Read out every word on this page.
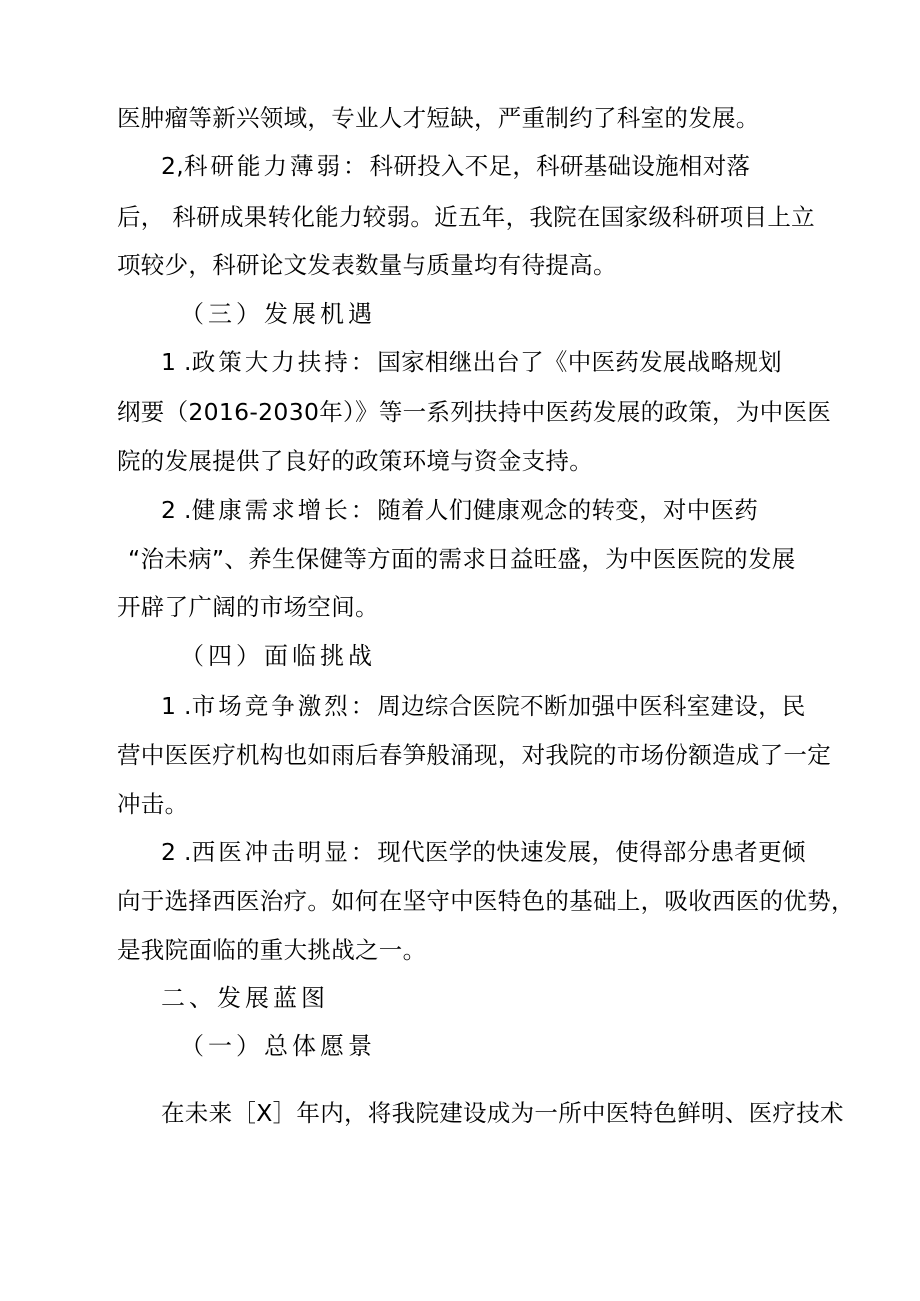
医肿瘤等新兴领域，专业人才短缺，严重制约了科室的发展。
2,科研能力薄弱：科研投入不足，科研基础设施相对落
后， 科研成果转化能力较弱。近五年，我院在国家级科研项目上立
项较少，科研论文发表数量与质量均有待提高。
（三）发展机遇
1 .政策大力扶持：国家相继出台了《中医药发展战略规划
纲要（2016-2030年）》等一系列扶持中医药发展的政策，为中医医
院的发展提供了良好的政策环境与资金支持。
2 .健康需求增长：随着人们健康观念的转变，对中医药
“治未病”、养生保健等方面的需求日益旺盛，为中医医院的发展
开辟了广阔的市场空间。
（四）面临挑战
1 .市场竞争激烈：周边综合医院不断加强中医科室建设，民
营中医医疗机构也如雨后春笋般涌现，对我院的市场份额造成了一定
冲击。
2 .西医冲击明显：现代医学的快速发展，使得部分患者更倾
向于选择西医治疗。如何在坚守中医特色的基础上，吸收西医的优势，
是我院面临的重大挑战之一。
二、发展蓝图
（一）总体愿景
在未来［X］年内，将我院建设成为一所中医特色鲜明、医疗技术
